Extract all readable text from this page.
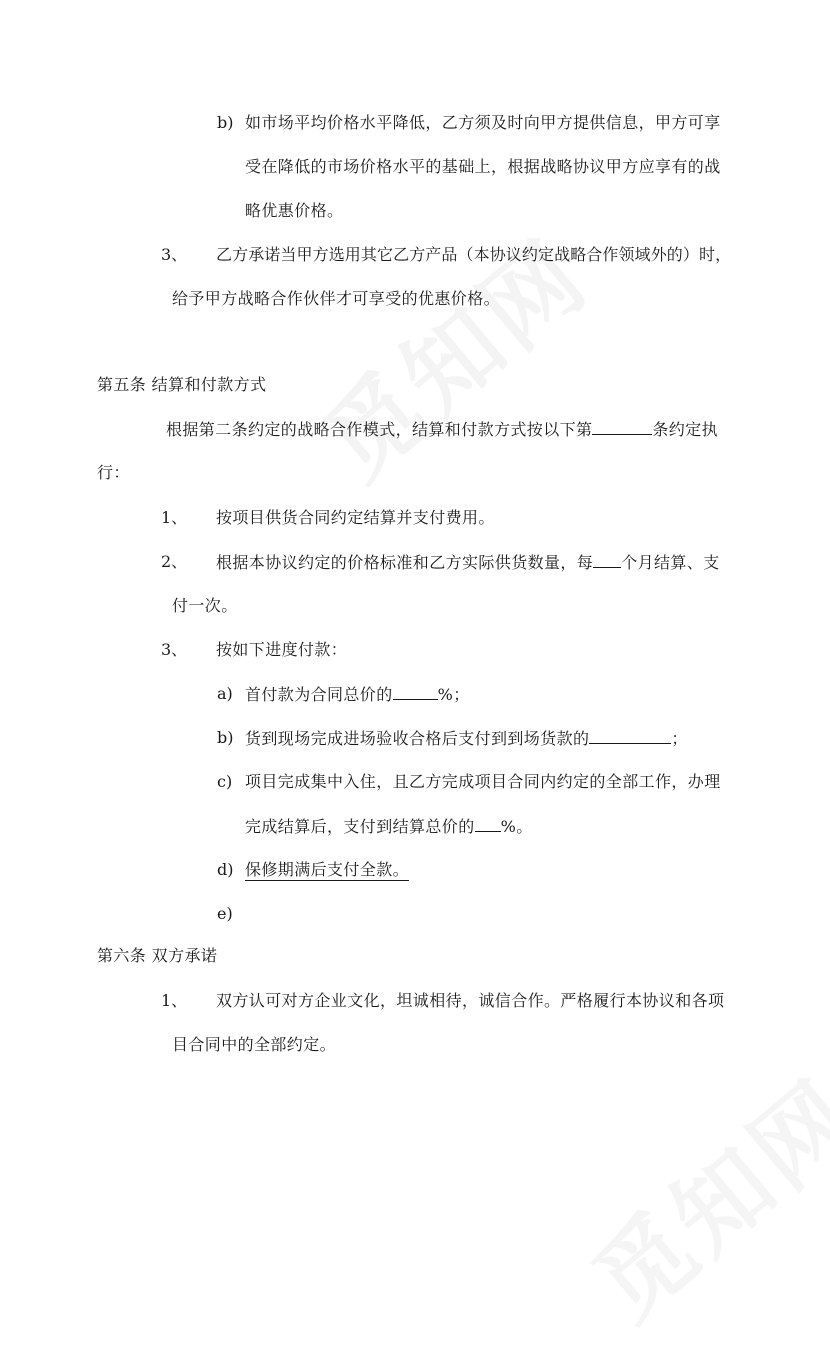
b) 如市场平均价格水平降低，乙方须及时向甲方提供信息，甲方可享
受在降低的市场价格水平的基础上，根据战略协议甲方应享有的战
略优惠价格。
3、 乙方承诺当甲方选用其它乙方产品（本协议约定战略合作领域外的）时，
给予甲方战略合作伙伴才可享受的优惠价格。
第五条 结算和付款方式
根据第二条约定的战略合作模式，结算和付款方式按以下第	条约定执
行：
1、 按项目供货合同约定结算并支付费用。
2、 根据本协议约定的价格标准和乙方实际供货数量，每 个月结算、支
付一次。
3、 按如下进度付款：
a) 首付款为合同总价的	%；
b) 货到现场完成进场验收合格后支付到到场货款的	；
c) 项目完成集中入住，且乙方完成项目合同内约定的全部工作，办理
完成结算后，支付到结算总价的 %。
d) 保修期满后支付全款。
e)
第六条 双方承诺
1、 双方认可对方企业文化，坦诚相待，诚信合作。严格履行本协议和各项
目合同中的全部约定。
